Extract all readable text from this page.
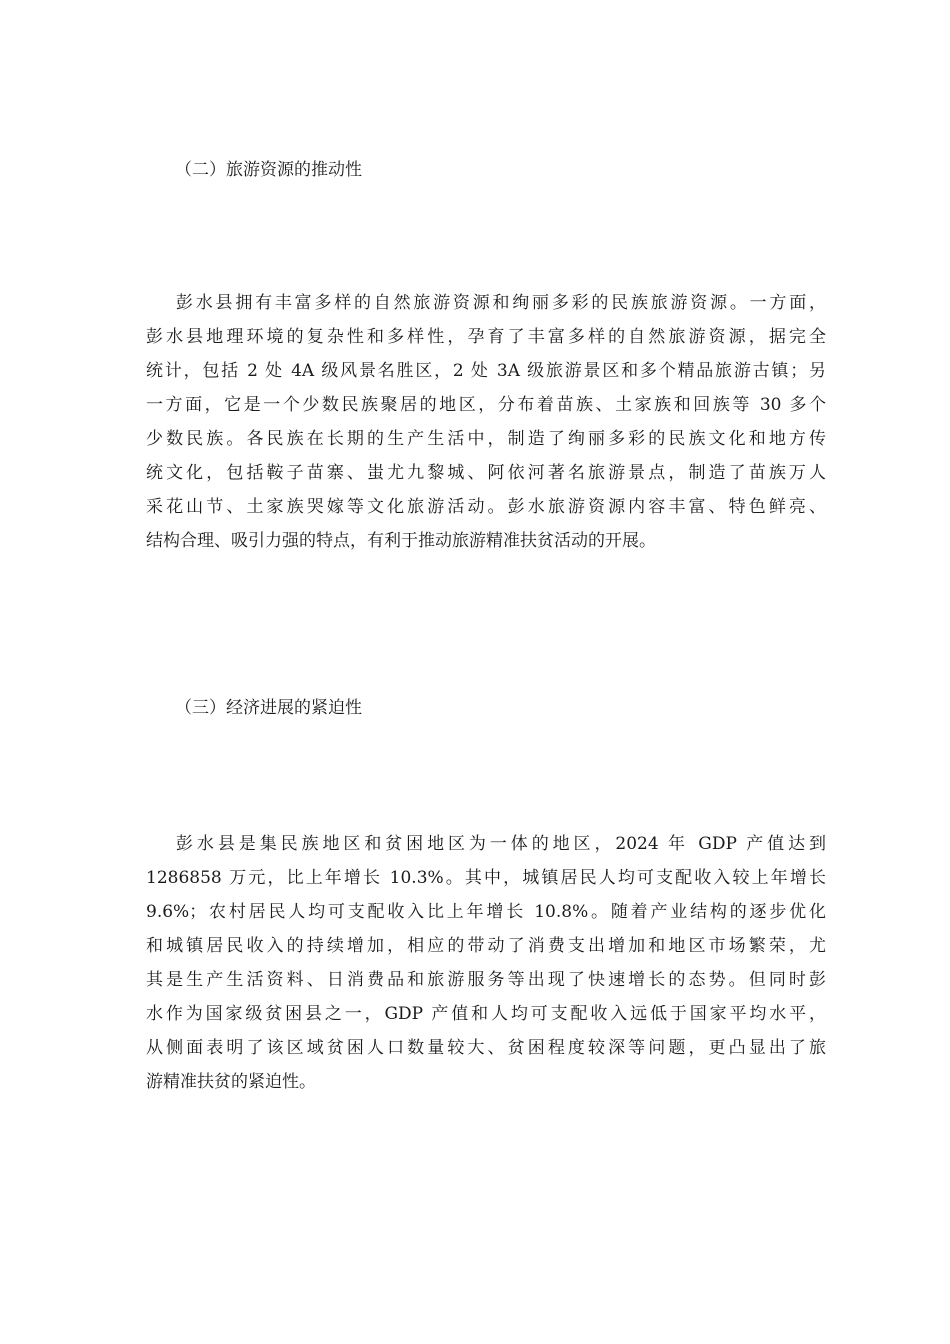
（二）旅游资源的推动性
彭水县拥有丰富多样的自然旅游资源和绚丽多彩的民族旅游资源。一方面，
彭水县地理环境的复杂性和多样性，孕育了丰富多样的自然旅游资源，据完全
统计，包括 2 处 4A 级风景名胜区，2 处 3A 级旅游景区和多个精品旅游古镇；另
一方面，它是一个少数民族聚居的地区，分布着苗族、土家族和回族等 30 多个
少数民族。各民族在长期的生产生活中，制造了绚丽多彩的民族文化和地方传
统文化，包括鞍子苗寨、蚩尤九黎城、阿依河著名旅游景点，制造了苗族万人
采花山节、土家族哭嫁等文化旅游活动。彭水旅游资源内容丰富、特色鲜亮、
结构合理、吸引力强的特点，有利于推动旅游精准扶贫活动的开展。
（三）经济进展的紧迫性
彭水县是集民族地区和贫困地区为一体的地区，2024 年 GDP 产值达到
1286858 万元，比上年增长 10.3%。其中，城镇居民人均可支配收入较上年增长
9.6%；农村居民人均可支配收入比上年增长 10.8%。随着产业结构的逐步优化
和城镇居民收入的持续增加，相应的带动了消费支出增加和地区市场繁荣，尤
其是生产生活资料、日消费品和旅游服务等出现了快速增长的态势。但同时彭
水作为国家级贫困县之一，GDP 产值和人均可支配收入远低于国家平均水平，
从侧面表明了该区域贫困人口数量较大、贫困程度较深等问题，更凸显出了旅
游精准扶贫的紧迫性。
